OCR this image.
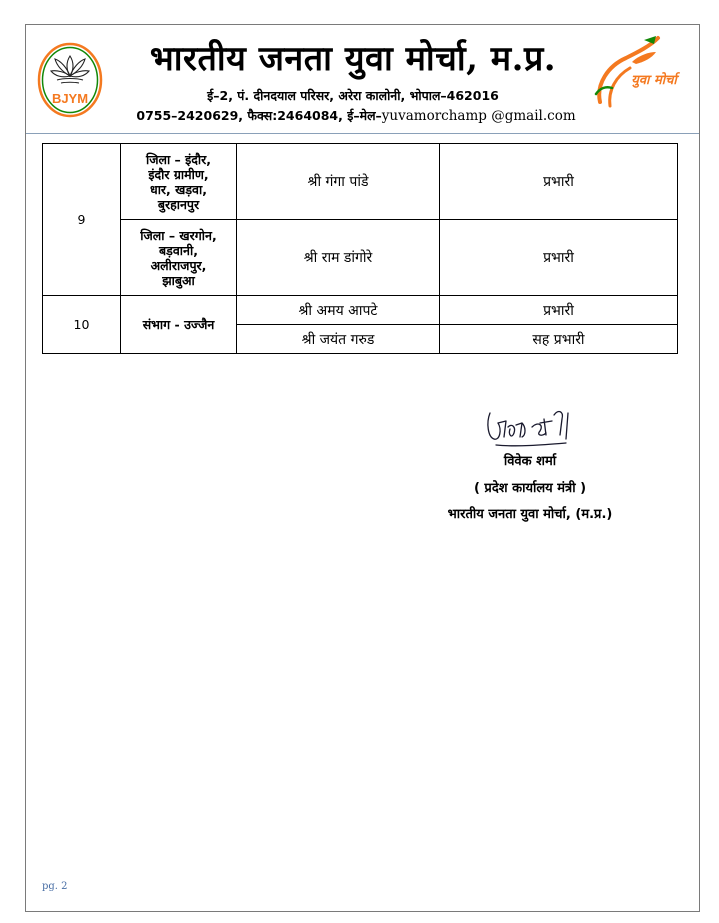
BJYM
भारतीय जनता युवा मोर्चा, म.प्र.
ई–2, पं. दीनदयाल परिसर, अरेरा कालोनी, भोपाल–462016
0755–2420629, फैक्स:2464084, ई–मेल–yuvamorchamp @gmail.com
युवा मोर्चा
9	जिला – इंदौर,
इंदौर ग्रामीण,
धार, खड़वा,
बुरहानपुर	श्री गंगा पांडे	प्रभारी

	जिला – खरगोन,
बड़वानी,
अलीराजपुर,
झाबुआ	श्री राम डांगोरे	प्रभारी
10	संभाग - उज्जैन	श्री अमय आपटे	प्रभारी
		श्री जयंत गरुड	सह प्रभारी
विवेक शर्मा
( प्रदेश कार्यालय मंत्री )
भारतीय जनता युवा मोर्चा, (म.प्र.)
pg. 2
